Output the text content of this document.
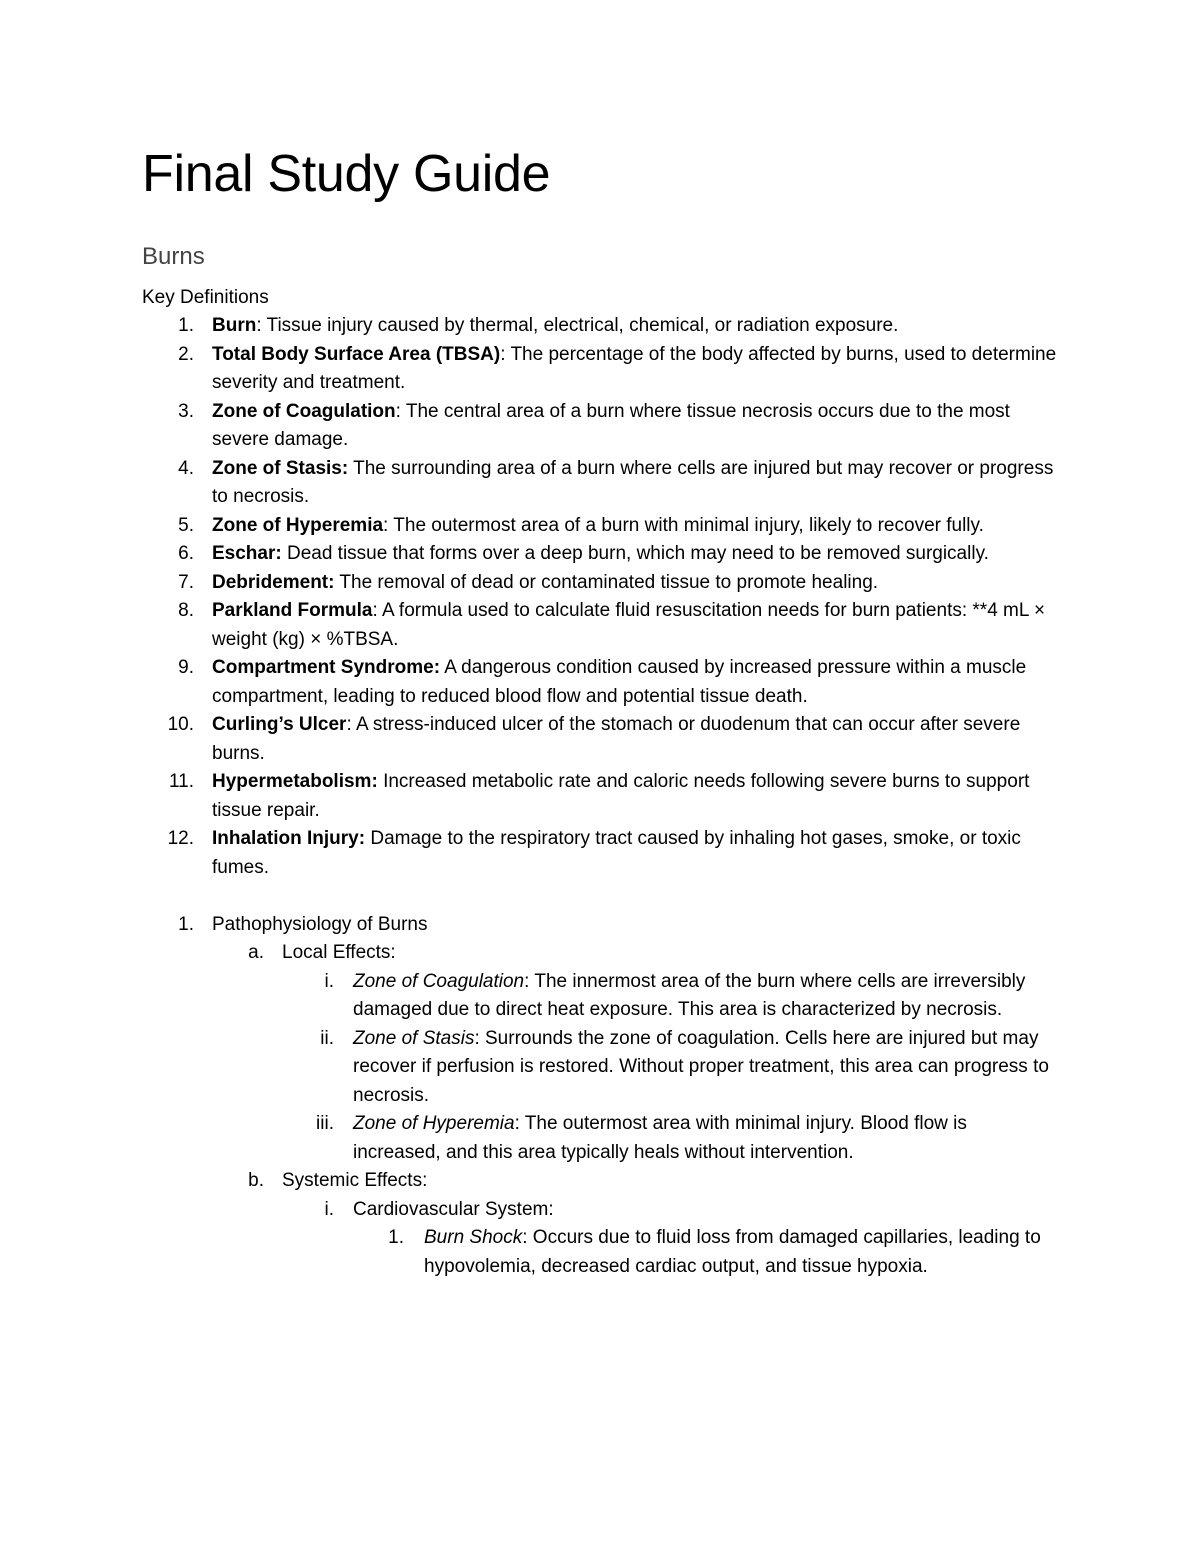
Final Study Guide
Burns
Key Definitions
1. Burn: Tissue injury caused by thermal, electrical, chemical, or radiation exposure.
2. Total Body Surface Area (TBSA): The percentage of the body affected by burns, used to determine severity and treatment.
3. Zone of Coagulation: The central area of a burn where tissue necrosis occurs due to the most severe damage.
4. Zone of Stasis: The surrounding area of a burn where cells are injured but may recover or progress to necrosis.
5. Zone of Hyperemia: The outermost area of a burn with minimal injury, likely to recover fully.
6. Eschar: Dead tissue that forms over a deep burn, which may need to be removed surgically.
7. Debridement: The removal of dead or contaminated tissue to promote healing.
8. Parkland Formula: A formula used to calculate fluid resuscitation needs for burn patients: **4 mL × weight (kg) × %TBSA.
9. Compartment Syndrome: A dangerous condition caused by increased pressure within a muscle compartment, leading to reduced blood flow and potential tissue death.
10. Curling’s Ulcer: A stress-induced ulcer of the stomach or duodenum that can occur after severe burns.
11. Hypermetabolism: Increased metabolic rate and caloric needs following severe burns to support tissue repair.
12. Inhalation Injury: Damage to the respiratory tract caused by inhaling hot gases, smoke, or toxic fumes.
1. Pathophysiology of Burns
a. Local Effects:
i. Zone of Coagulation: The innermost area of the burn where cells are irreversibly damaged due to direct heat exposure. This area is characterized by necrosis.
ii. Zone of Stasis: Surrounds the zone of coagulation. Cells here are injured but may recover if perfusion is restored. Without proper treatment, this area can progress to necrosis.
iii. Zone of Hyperemia: The outermost area with minimal injury. Blood flow is increased, and this area typically heals without intervention.
b. Systemic Effects:
i. Cardiovascular System:
1. Burn Shock: Occurs due to fluid loss from damaged capillaries, leading to hypovolemia, decreased cardiac output, and tissue hypoxia.
